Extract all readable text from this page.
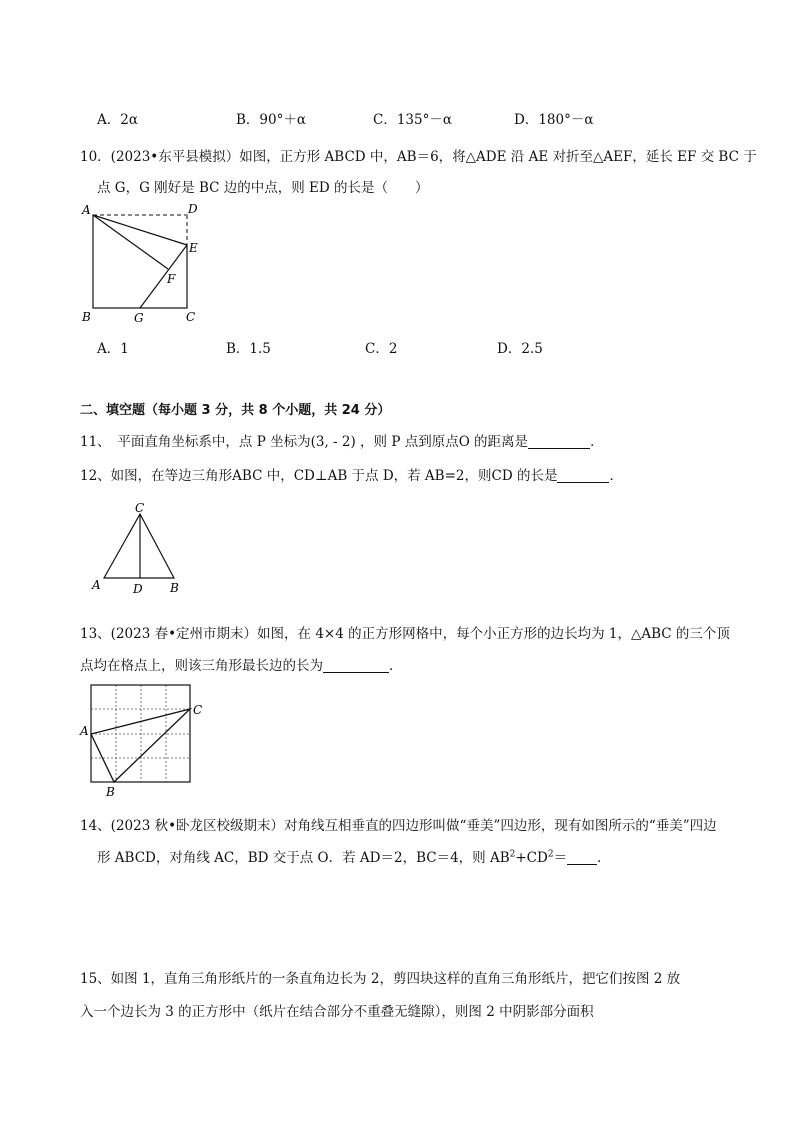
A．2α	B．90°＋α	C．135°－α	D．180°－α
10．(2023•东平县模拟）如图，正方形 ABCD 中，AB＝6，将△ADE 沿 AE 对折至△AEF，延长 EF 交 BC 于
点 G，G 刚好是 BC 边的中点，则 ED 的长是（　　）
A	D
E
F
B	G	C
A．1	B．1.5	C．2	D．2.5
二、填空题（每小题 3 分，共 8 个小题，共 24 分）
11、　平面直角坐标系中，点 P 坐标为(3, - 2) ，则 P 点到原点O 的距离是	．
12、如图，在等边三角形ABC 中，CD⊥AB 于点 D，若 AB=2，则CD 的长是	．
C
A	D B
13、(2023 春•定州市期末）如图，在 4×4 的正方形网格中，每个小正方形的边长均为 1，△ABC 的三个顶
点均在格点上，则该三角形最长边的长为	．
A
B
C
14、(2023 秋•卧龙区校级期末）对角线互相垂直的四边形叫做“垂美”四边形，现有如图所示的“垂美”四边
形 ABCD，对角线 AC，BD 交于点 O．若 AD＝2，BC＝4，则 $AB^2+CD^2=$ ．
15、如图 1，直角三角形纸片的一条直角边长为 2，剪四块这样的直角三角形纸片，把它们按图 2 放
入一个边长为 3 的正方形中（纸片在结合部分不重叠无缝隙），则图 2 中阴影部分面积
